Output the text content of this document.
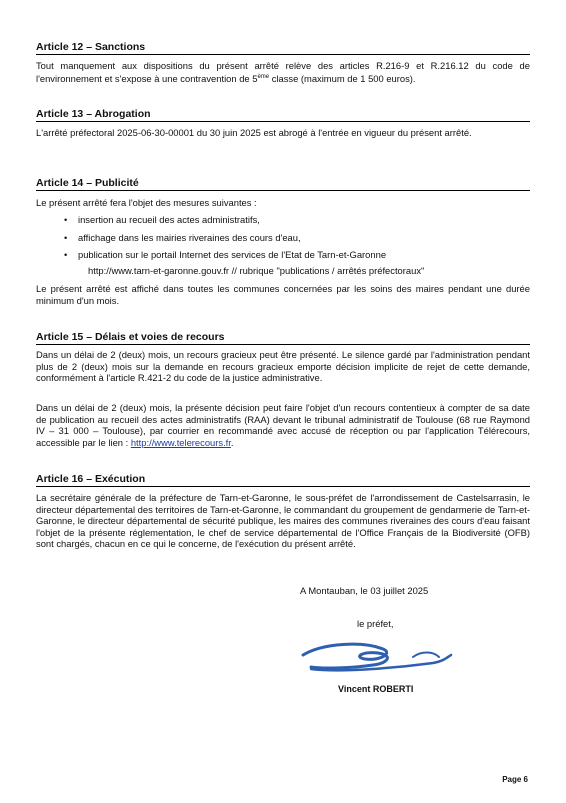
Article 12 – Sanctions

Tout manquement aux dispositions du présent arrêté relève des articles R.216-9 et R.216.12 du code de l'environnement et s'expose à une contravention de 5ème classe (maximum de 1 500 euros).

Article 13 – Abrogation

L'arrêté préfectoral 2025-06-30-00001 du 30 juin 2025 est abrogé à l'entrée en vigueur du présent arrêté.

Article 14 – Publicité

Le présent arrêté fera l'objet des mesures suivantes :

• insertion au recueil des actes administratifs,
• affichage dans les mairies riveraines des cours d'eau,
• publication sur le portail Internet des services de l'Etat de Tarn-et-Garonne
http://www.tarn-et-garonne.gouv.fr // rubrique "publications / arrêtés préfectoraux"

Le présent arrêté est affiché dans toutes les communes concernées par les soins des maires pendant une durée minimum d'un mois.

Article 15 – Délais et voies de recours

Dans un délai de 2 (deux) mois, un recours gracieux peut être présenté. Le silence gardé par l'administration pendant plus de 2 (deux) mois sur la demande en recours gracieux emporte décision implicite de rejet de cette demande, conformément à l'article R.421-2 du code de la justice administrative.

Dans un délai de 2 (deux) mois, la présente décision peut faire l'objet d'un recours contentieux à compter de sa date de publication au recueil des actes administratifs (RAA) devant le tribunal administratif de Toulouse (68 rue Raymond IV – 31 000 – Toulouse), par courrier en recommandé avec accusé de réception ou par l'application Télérecours, accessible par le lien : http://www.telerecours.fr.

Article 16 – Exécution

La secrétaire générale de la préfecture de Tarn-et-Garonne, le sous-préfet de l'arrondissement de Castelsarrasin, le directeur départemental des territoires de Tarn-et-Garonne, le commandant du groupement de gendarmerie de Tarn-et-Garonne, le directeur départemental de sécurité publique, les maires des communes riveraines des cours d'eau faisant l'objet de la présente réglementation, le chef de service départemental de l'Office Français de la Biodiversité (OFB) sont chargés, chacun en ce qui le concerne, de l'exécution du présent arrêté.

A Montauban, le 03 juillet 2025
le préfet,
Vincent ROBERTI
Page 6
